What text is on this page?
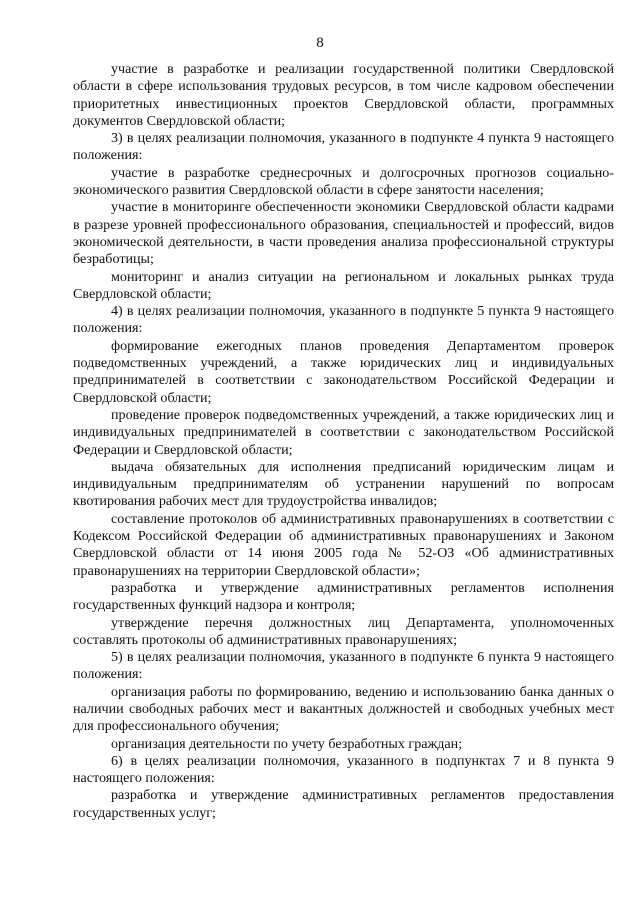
8

участие в разработке и реализации государственной политики Свердловской области в сфере использования трудовых ресурсов, в том числе кадровом обеспечении приоритетных инвестиционных проектов Свердловской области, программных документов Свердловской области;

3) в целях реализации полномочия, указанного в подпункте 4 пункта 9 настоящего положения:

участие в разработке среднесрочных и долгосрочных прогнозов социально-экономического развития Свердловской области в сфере занятости населения;

участие в мониторинге обеспеченности экономики Свердловской области кадрами в разрезе уровней профессионального образования, специальностей и профессий, видов экономической деятельности, в части проведения анализа профессиональной структуры безработицы;

мониторинг и анализ ситуации на региональном и локальных рынках труда Свердловской области;

4) в целях реализации полномочия, указанного в подпункте 5 пункта 9 настоящего положения:

формирование ежегодных планов проведения Департаментом проверок подведомственных учреждений, а также юридических лиц и индивидуальных предпринимателей в соответствии с законодательством Российской Федерации и Свердловской области;

проведение проверок подведомственных учреждений, а также юридических лиц и индивидуальных предпринимателей в соответствии с законодательством Российской Федерации и Свердловской области;

выдача обязательных для исполнения предписаний юридическим лицам и индивидуальным предпринимателям об устранении нарушений по вопросам квотирования рабочих мест для трудоустройства инвалидов;

составление протоколов об административных правонарушениях в соответствии с Кодексом Российской Федерации об административных правонарушениях и Законом Свердловской области от 14 июня 2005 года № 52-ОЗ «Об административных правонарушениях на территории Свердловской области»;

разработка и утверждение административных регламентов исполнения государственных функций надзора и контроля;

утверждение перечня должностных лиц Департамента, уполномоченных составлять протоколы об административных правонарушениях;

5) в целях реализации полномочия, указанного в подпункте 6 пункта 9 настоящего положения:

организация работы по формированию, ведению и использованию банка данных о наличии свободных рабочих мест и вакантных должностей и свободных учебных мест для профессионального обучения;

организация деятельности по учету безработных граждан;

6) в целях реализации полномочия, указанного в подпунктах 7 и 8 пункта 9 настоящего положения:

разработка и утверждение административных регламентов предоставления государственных услуг;
